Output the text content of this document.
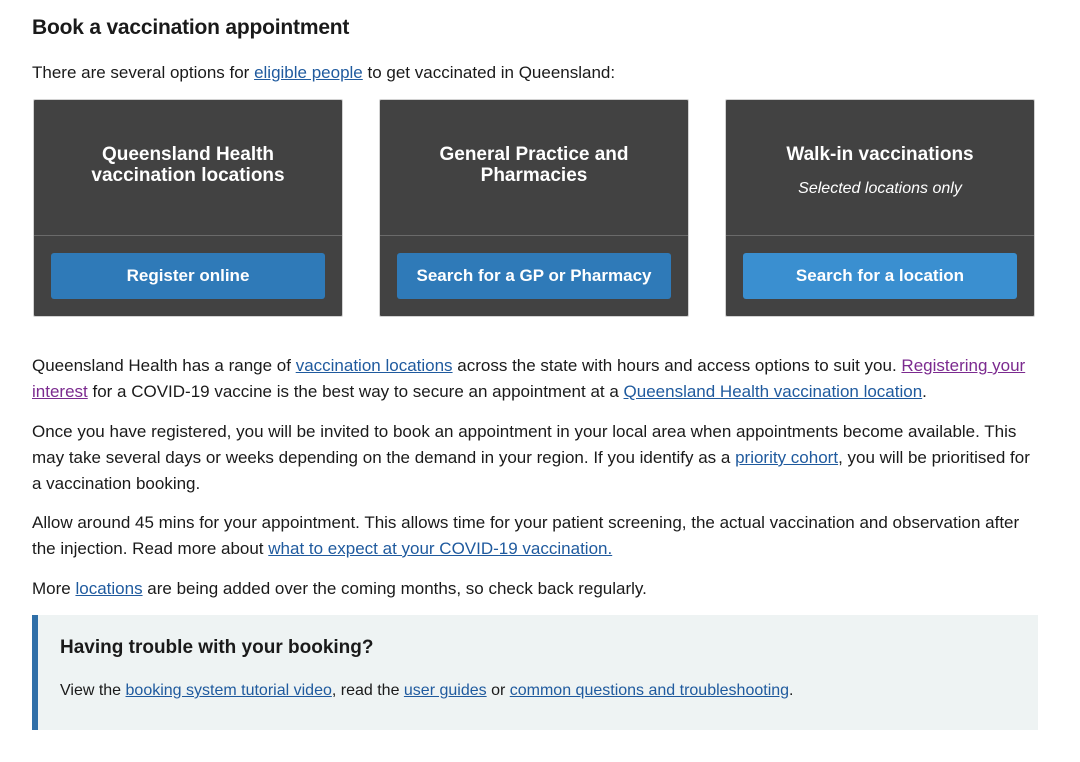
Book a vaccination appointment

There are several options for eligible people to get vaccinated in Queensland:

Queensland Health vaccination locations
Register online
General Practice and Pharmacies
Search for a GP or Pharmacy
Walk-in vaccinations
Selected locations only
Search for a location

Queensland Health has a range of vaccination locations across the state with hours and access options to suit you. Registering your interest for a COVID-19 vaccine is the best way to secure an appointment at a Queensland Health vaccination location.

Once you have registered, you will be invited to book an appointment in your local area when appointments become available. This may take several days or weeks depending on the demand in your region. If you identify as a priority cohort, you will be prioritised for a vaccination booking.

Allow around 45 mins for your appointment. This allows time for your patient screening, the actual vaccination and observation after the injection. Read more about what to expect at your COVID-19 vaccination.

More locations are being added over the coming months, so check back regularly.

Having trouble with your booking?

View the booking system tutorial video, read the user guides or common questions and troubleshooting.
